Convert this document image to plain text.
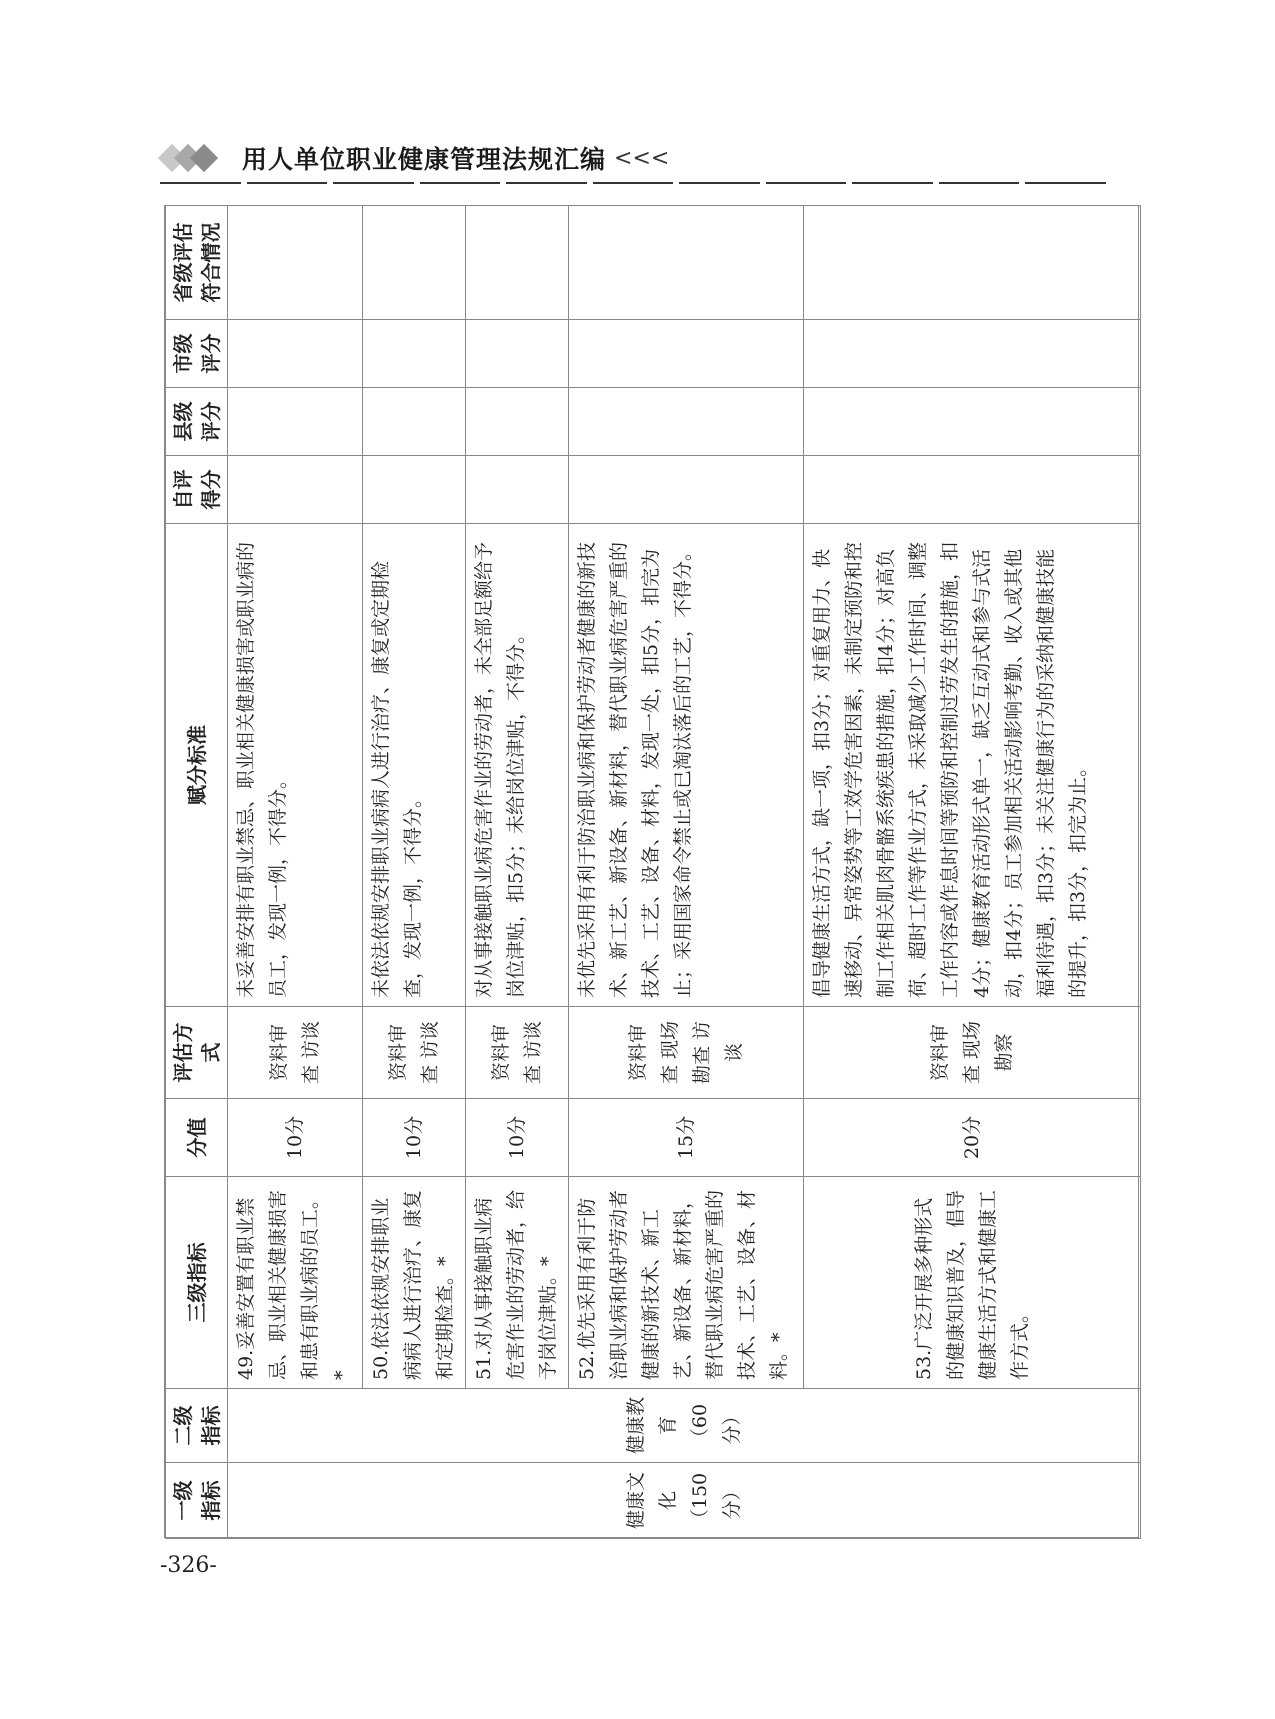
用人单位职业健康管理法规汇编 <<<
一级指标	二级指标	三级指标	分值	评估方式	赋分标准	自评得分	县级评分	市级评分	省级评估符合情况
健康文化（150分）	健康教育（60分）	49.妥善安置有职业禁忌、职业相关健康损害和患有职业病的员工。*	10分	资料审查 访谈	未妥善安排有职业禁忌、职业相关健康损害或职业病的员工，发现一例，不得分。				
		50.依法依规安排职业病病人进行治疗、康复和定期检查。*	10分	资料审查 访谈	未依法依规安排职业病病人进行治疗、康复或定期检查，发现一例，不得分。				
		51.对从事接触职业病危害作业的劳动者，给予岗位津贴。*	10分	资料审查 访谈	对从事接触职业病危害作业的劳动者，未全部足额给予岗位津贴，扣5分；未给岗位津贴，不得分。				
		52.优先采用有利于防治职业病和保护劳动者健康的新技术、新工艺、新设备、新材料，替代职业病危害严重的技术、工艺、设备、材料。*	15分	资料审查 现场勘查 访谈	未优先采用有利于防治职业病和保护劳动者健康的新技术、新工艺、新设备、新材料，替代职业病危害严重的技术、工艺、设备、材料，发现一处，扣5分，扣完为止；采用国家命令禁止或已淘汰落后的工艺，不得分。				
		53.广泛开展多种形式的健康知识普及，倡导健康生活方式和健康工作方式。	20分	资料审查 现场勘察	倡导健康生活方式，缺一项，扣3分；对重复用力、快速移动、异常姿势等工效学危害因素，未制定预防和控制工作相关肌肉骨骼系统疾患的措施，扣4分；对高负荷、超时工作等作业方式，未采取减少工作时间、调整工作内容或作息时间等预防和控制过劳发生的措施，扣4分；健康教育活动形式单一，缺乏互动式和参与式活动，扣4分；员工参加相关活动影响考勤、收入或其他福利待遇，扣3分；未关注健康行为的采纳和健康技能的提升，扣3分，扣完为止。				
-326-
